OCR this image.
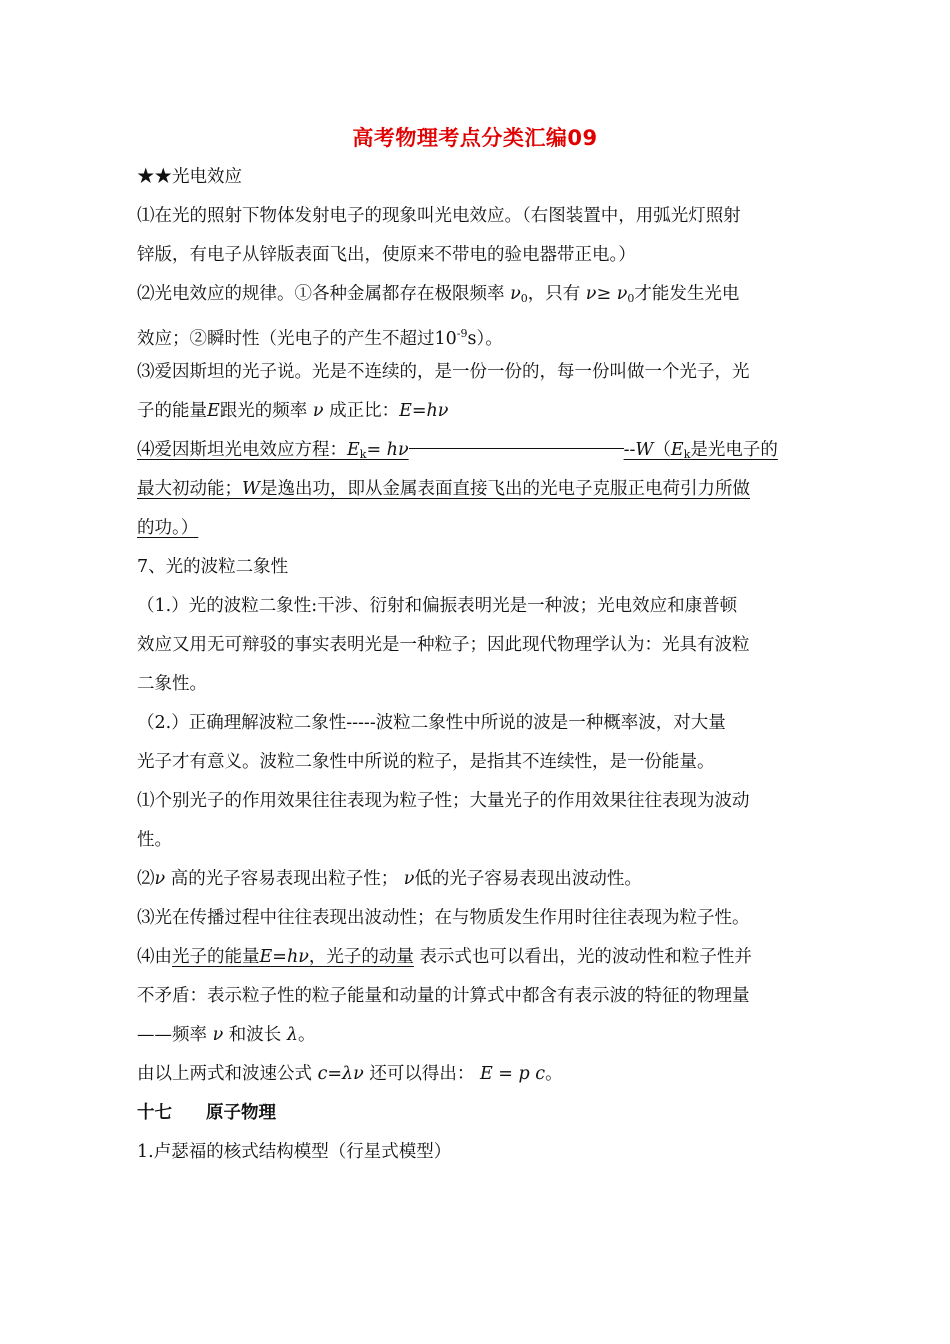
高考物理考点分类汇编09
★★光电效应
⑴在光的照射下物体发射电子的现象叫光电效应。（右图装置中，用弧光灯照射
锌版，有电子从锌版表面飞出，使原来不带电的验电器带正电。）
⑵光电效应的规律。①各种金属都存在极限频率 $\nu_0$，只有 $\nu\ge \nu_0$才能发生光电
效应；②瞬时性（光电子的产生不超过$10^{-9}s$）。
⑶爱因斯坦的光子说。光是不连续的，是一份一份的，每一份叫做一个光子，光
子的能量E跟光的频率 ν 成正比：E=hν
⑷爱因斯坦光电效应方程：$E_k= h\nu$	$--W(E_k$是光电子的
最大初动能；W是逸出功，即从金属表面直接飞出的光电子克服正电荷引力所做
的功。）
7、光的波粒二象性
（1.）光的波粒二象性:干涉、衍射和偏振表明光是一种波；光电效应和康普顿
效应又用无可辩驳的事实表明光是一种粒子；因此现代物理学认为：光具有波粒
二象性。
（2.）正确理解波粒二象性-----波粒二象性中所说的波是一种概率波，对大量
光子才有意义。波粒二象性中所说的粒子，是指其不连续性，是一份能量。
⑴个别光子的作用效果往往表现为粒子性；大量光子的作用效果往往表现为波动
性。
⑵ν 高的光子容易表现出粒子性； ν低的光子容易表现出波动性。
⑶光在传播过程中往往表现出波动性；在与物质发生作用时往往表现为粒子性。
⑷由光子的能量E=hν，光子的动量 表示式也可以看出，光的波动性和粒子性并
不矛盾：表示粒子性的粒子能量和动量的计算式中都含有表示波的特征的物理量
——频率 ν 和波长 λ。
由以上两式和波速公式 c=λν 还可以得出： E = p c。
十七 原子物理
1.卢瑟福的核式结构模型（行星式模型）
